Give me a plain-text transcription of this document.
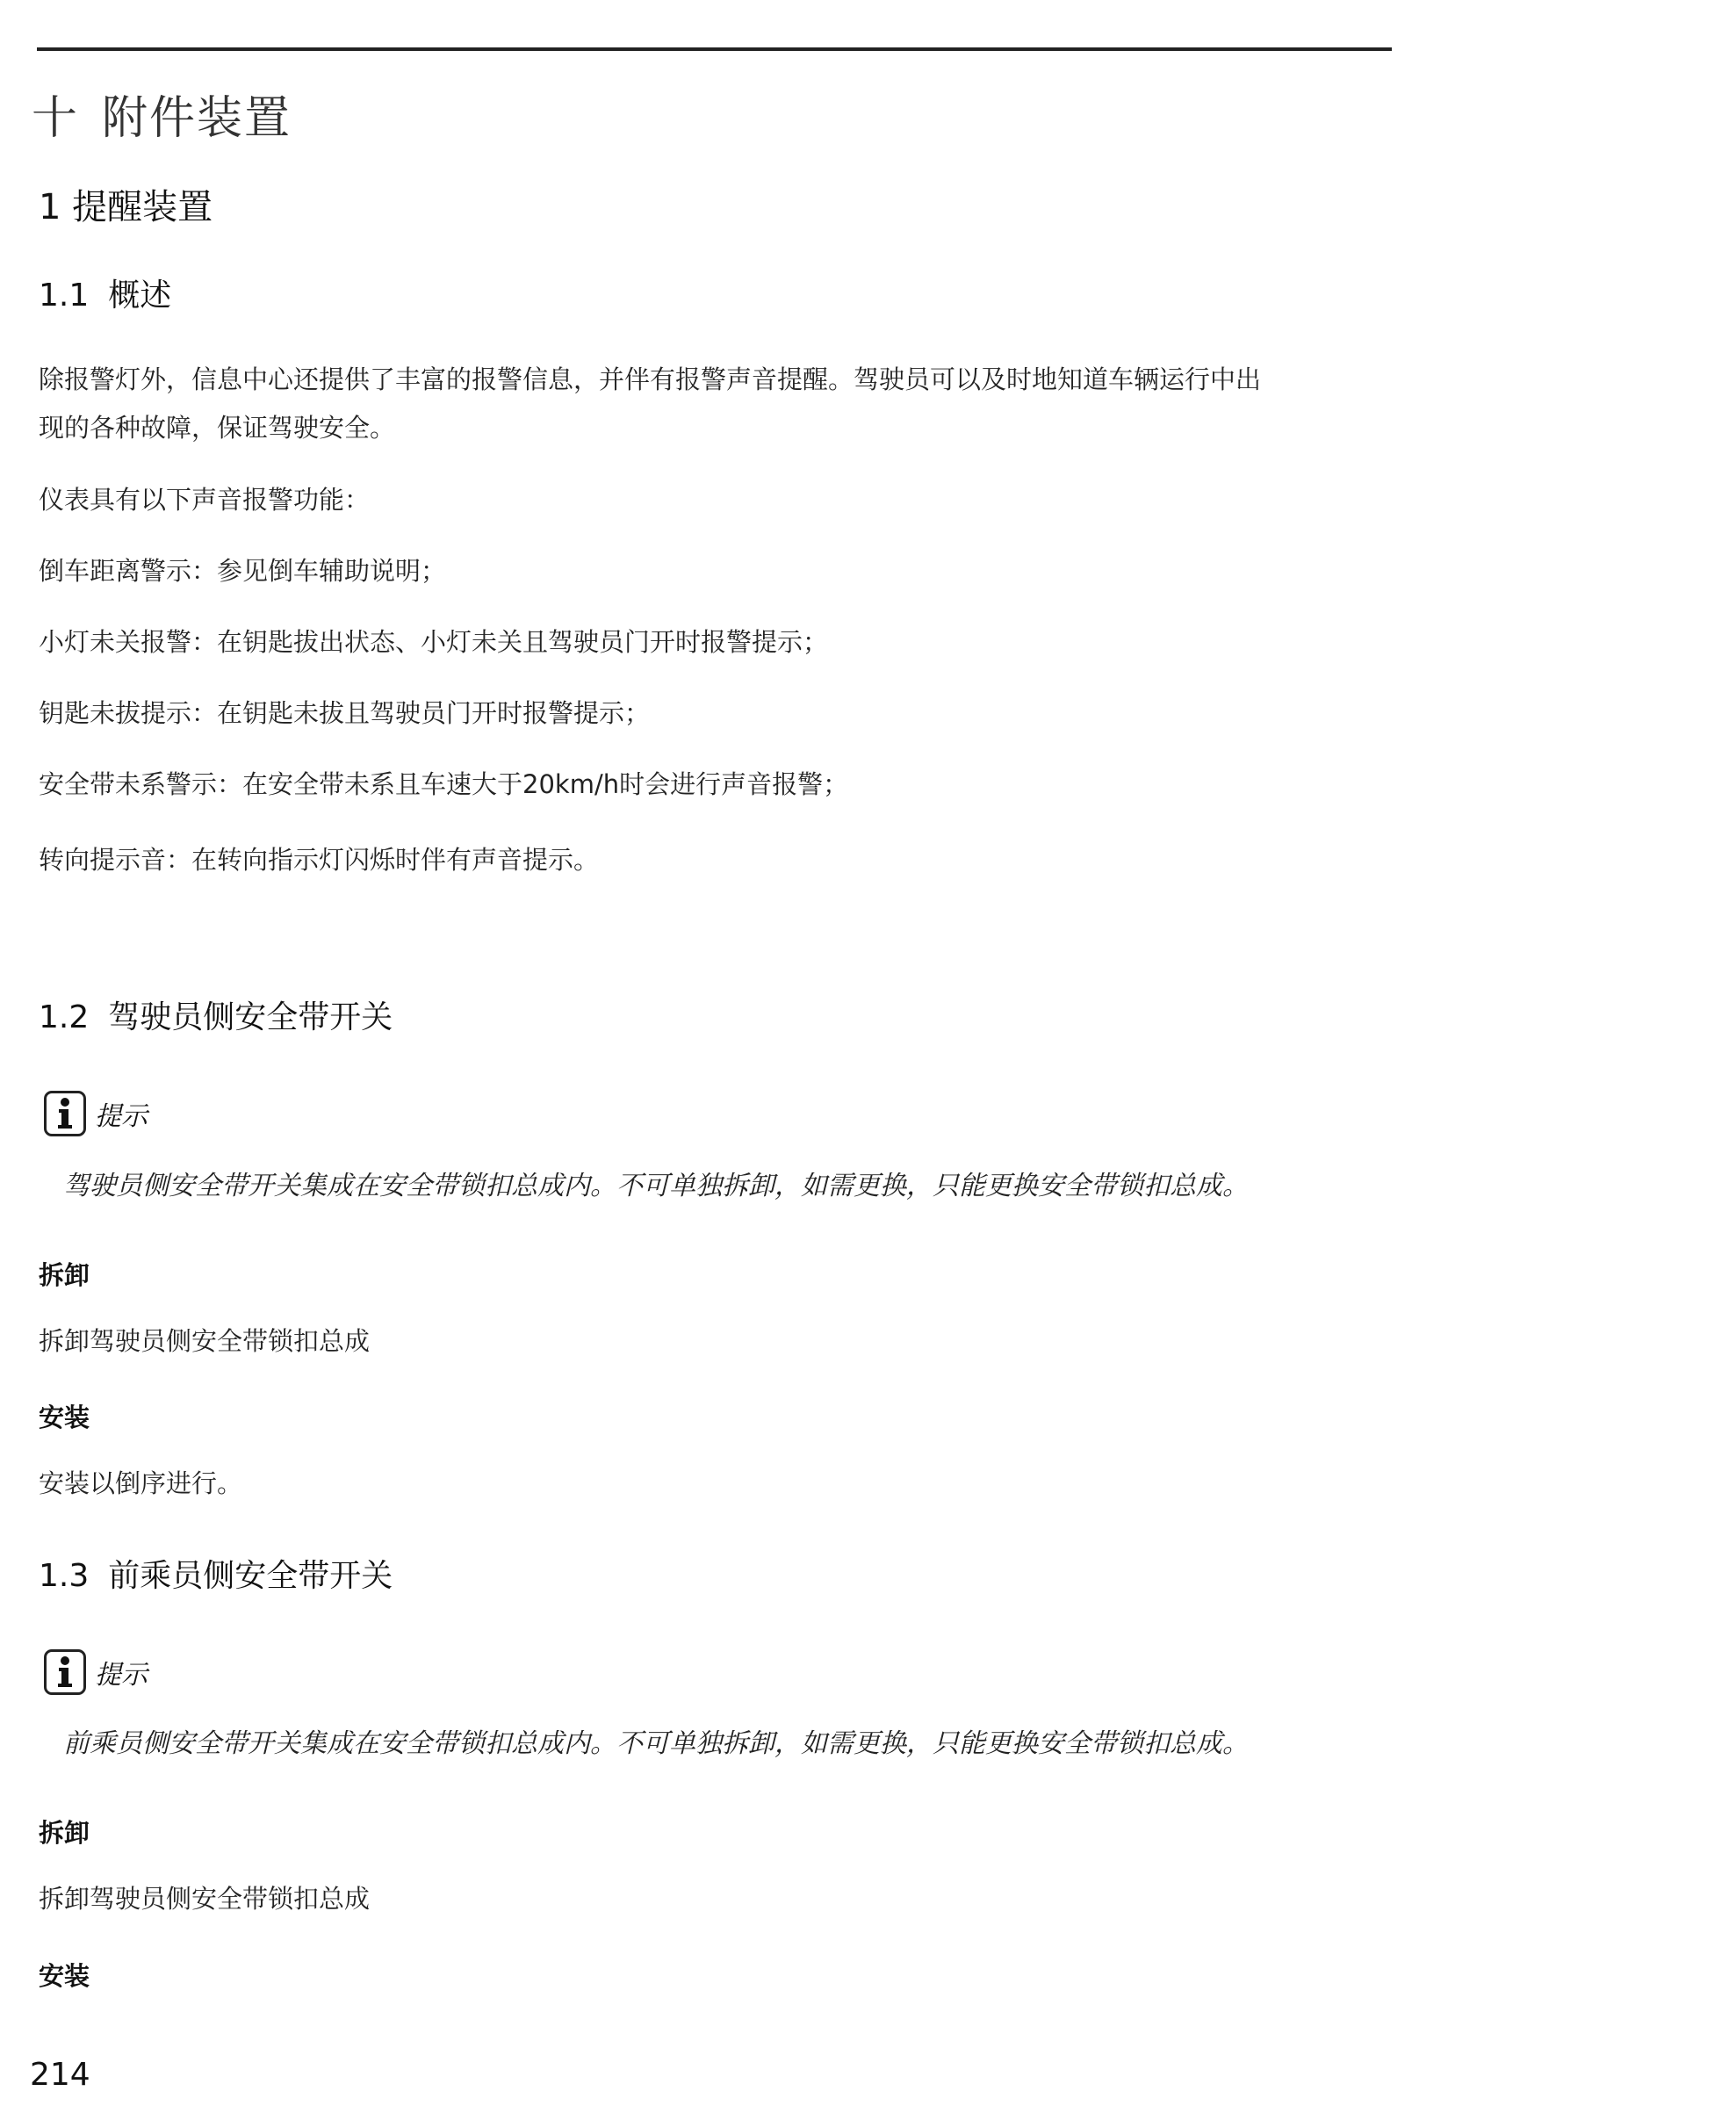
十 附件装置
1 提醒装置
1.1 概述
除报警灯外，信息中心还提供了丰富的报警信息，并伴有报警声音提醒。驾驶员可以及时地知道车辆运行中出
现的各种故障，保证驾驶安全。
仪表具有以下声音报警功能：
倒车距离警示：参见倒车辅助说明；
小灯未关报警：在钥匙拔出状态、小灯未关且驾驶员门开时报警提示；
钥匙未拔提示：在钥匙未拔且驾驶员门开时报警提示；
安全带未系警示：在安全带未系且车速大于20km/h时会进行声音报警；
转向提示音：在转向指示灯闪烁时伴有声音提示。
1.2 驾驶员侧安全带开关
提示
驾驶员侧安全带开关集成在安全带锁扣总成内。不可单独拆卸，如需更换，只能更换安全带锁扣总成。
拆卸
拆卸驾驶员侧安全带锁扣总成
安装
安装以倒序进行。
1.3 前乘员侧安全带开关
提示
前乘员侧安全带开关集成在安全带锁扣总成内。不可单独拆卸，如需更换，只能更换安全带锁扣总成。
拆卸
拆卸驾驶员侧安全带锁扣总成
安装
214
